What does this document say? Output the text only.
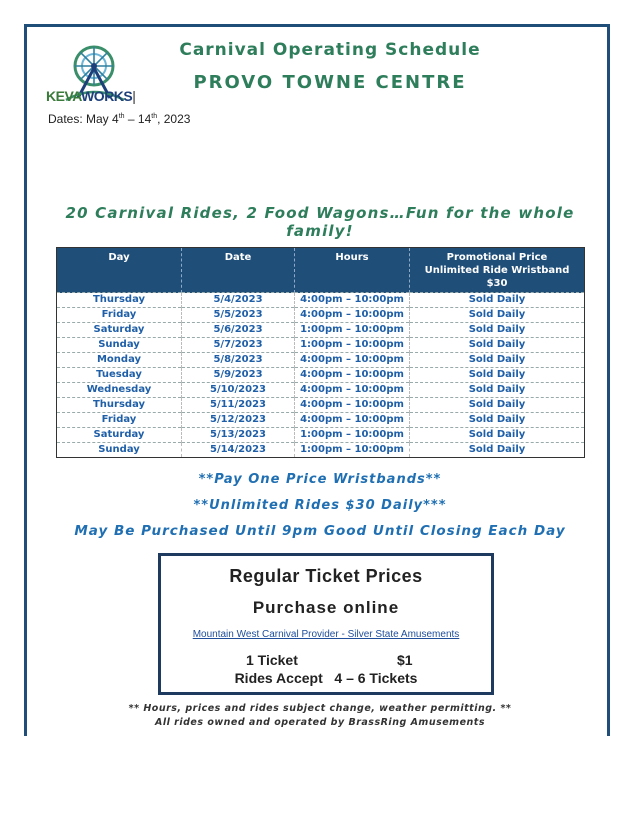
KEVAWORKS|
Carnival Operating Schedule
PROVO TOWNE CENTRE
Dates: May 4th – 14th, 2023
20 Carnival Rides, 2 Food Wagons…Fun for the whole family!
Day	Date	Hours	Promotional Price
Unlimited Ride Wristband
$30

Thursday	5/4/2023	4:00pm – 10:00pm	Sold Daily
Friday	5/5/2023	4:00pm – 10:00pm	Sold Daily
Saturday	5/6/2023	1:00pm – 10:00pm	Sold Daily
Sunday	5/7/2023	1:00pm – 10:00pm	Sold Daily
Monday	5/8/2023	4:00pm – 10:00pm	Sold Daily
Tuesday	5/9/2023	4:00pm – 10:00pm	Sold Daily
Wednesday	5/10/2023	4:00pm – 10:00pm	Sold Daily
Thursday	5/11/2023	4:00pm – 10:00pm	Sold Daily
Friday	5/12/2023	4:00pm – 10:00pm	Sold Daily
Saturday	5/13/2023	1:00pm – 10:00pm	Sold Daily
Sunday	5/14/2023	1:00pm – 10:00pm	Sold Daily
**Pay One Price Wristbands**
**Unlimited Rides $30 Daily***
May Be Purchased Until 9pm Good Until Closing Each Day
Regular Ticket Prices
Purchase online
Mountain West Carnival Provider - Silver State Amusements
1 Ticket	$1
Rides Accept   4 – 6 Tickets
** Hours, prices and rides subject change, weather permitting. **
All rides owned and operated by BrassRing Amusements
